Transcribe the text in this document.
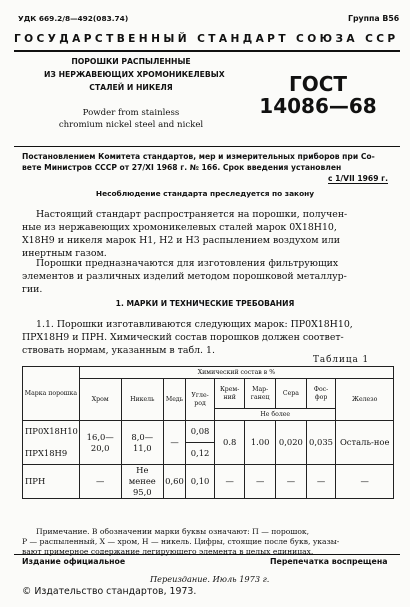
УДК 669.2/8—492(083.74)	Группа В56
ГОСУДАРСТВЕННЫЙ СТАНДАРТ СОЮЗА ССР
ПОРОШКИ РАСПЫЛЕННЫЕ
ИЗ НЕРЖАВЕЮЩИХ ХРОМОНИКЕЛЕВЫХ
СТАЛЕЙ И НИКЕЛЯ
Powder from stainless
chromium nickel steel and nickel
ГОСТ
14086—68
Постановлением Комитета стандартов, мер и измерительных приборов при Со-
вете Министров СССР от 27/XI 1968 г. № 166. Срок введения установлен
с 1/VII 1969 г.
Несоблюдение стандарта преследуется по закону
Настоящий стандарт распространяется на порошки, получен-
ные из нержавеющих хромоникелевых сталей марок 0Х18Н10,
Х18Н9 и никеля марок Н1, Н2 и Н3 распылением воздухом или
инертным газом.
Порошки предназначаются для изготовления фильтрующих
элементов и различных изделий методом порошковой металлур-
гии.
1. МАРКИ И ТЕХНИЧЕСКИЕ ТРЕБОВАНИЯ
1.1. Порошки изготавливаются следующих марок: ПР0Х18Н10,
ПРХ18Н9 и ПРН. Химический состав порошков должен соответ-
ствовать нормам, указанным в табл. 1.
Таблица 1
Марка порошка	Химический состав в %								
	Хром	Никель	Медь	Угле-род	Крем-ний	Мар-ганец	Сера	Фос-фор	Железо
					Не более				
ПР0Х18Н10	16,0—20,0	8,0—11,0	—	0,08	0.8	1.00	0,020	0,035	Осталь-ное
ПРХ18Н9				0,12					
ПРН	—	Не менее 95,0	0,60	0,10	—	—	—	—	—
Примечание. В обозначении марки буквы означают: П — порошок,
Р — распыленный, Х — хром, Н — никель. Цифры, стоящие после букв, указы-
вают примерное содержание легирующего элемента в целых единицах.
Издание официальное	Перепечатка воспрещена
Переиздание. Июль 1973 г.
© Издательство стандартов, 1973.
